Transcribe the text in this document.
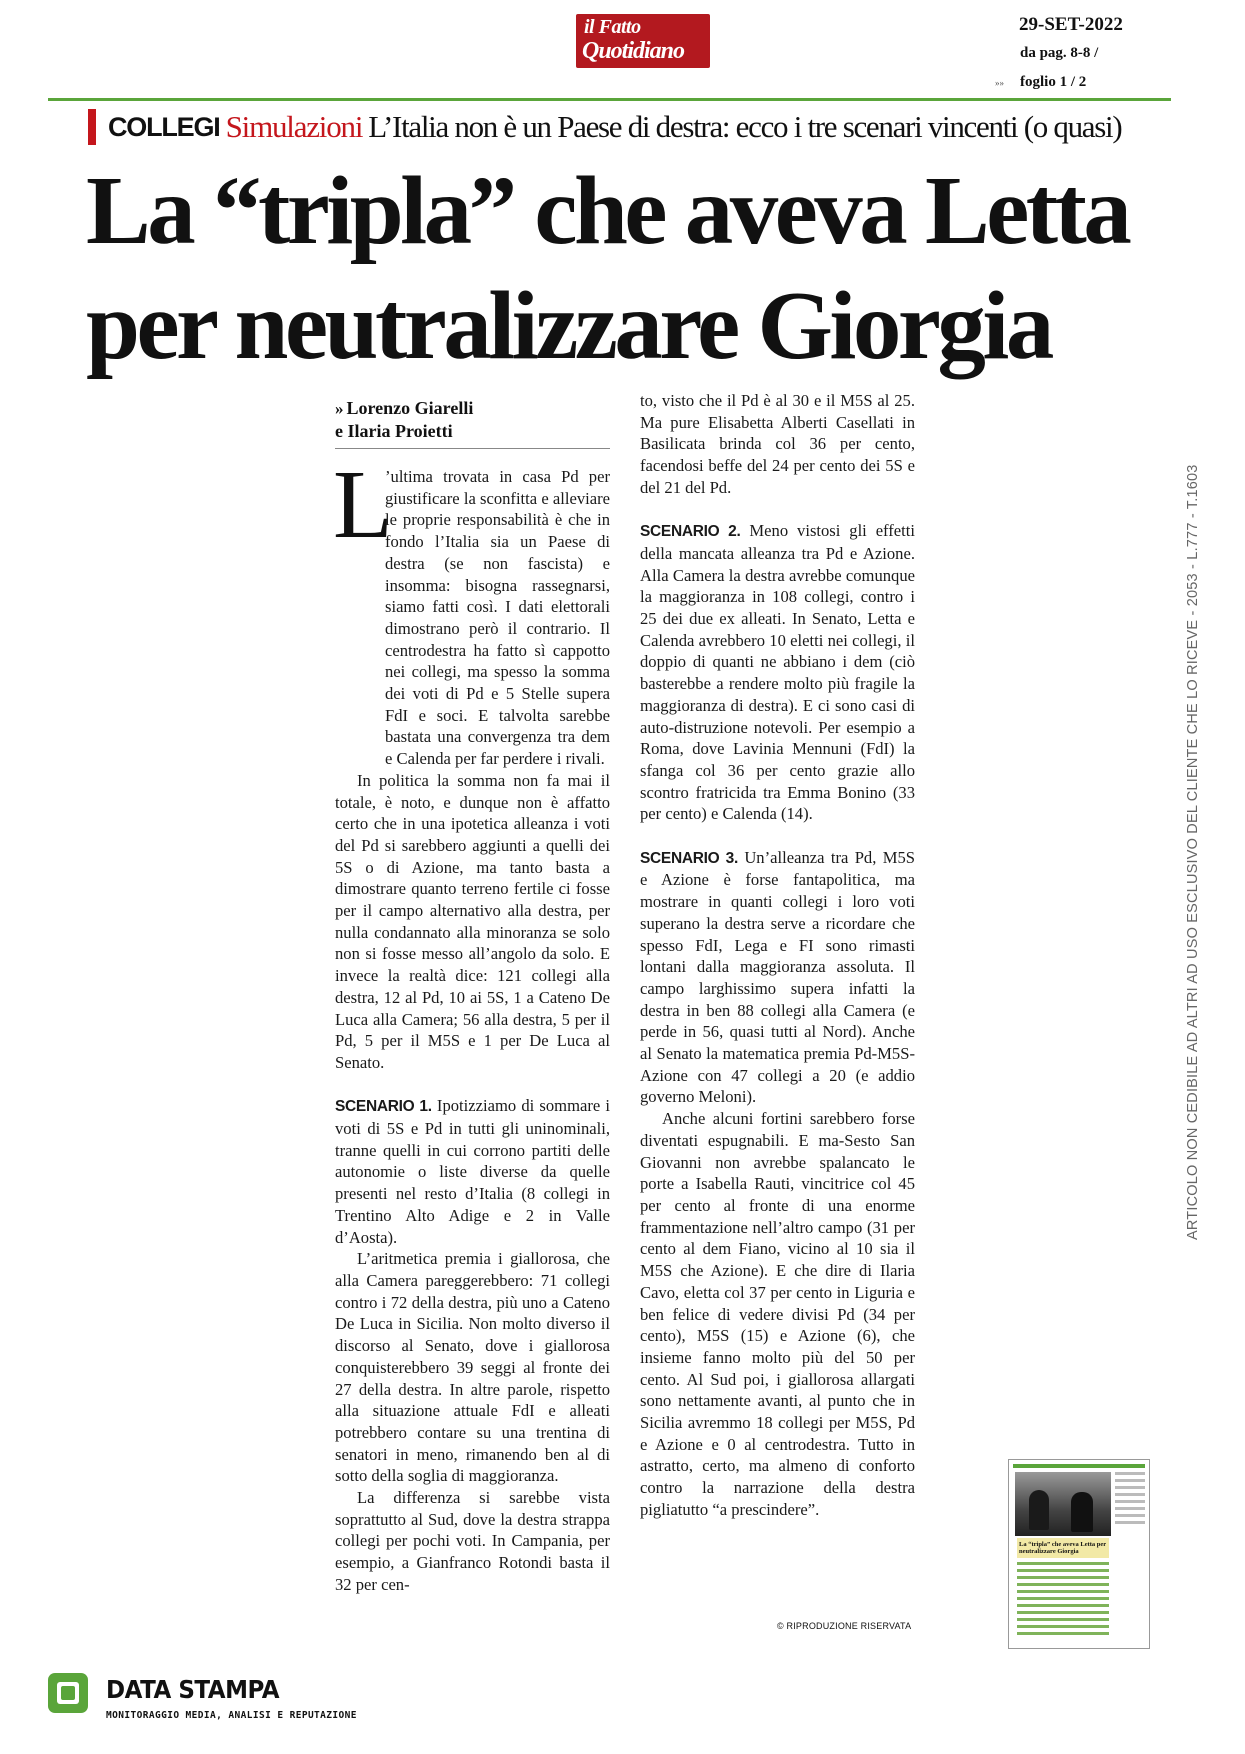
il Fatto
Quotidiano
29-SET-2022
da pag. 8-8 /
»» foglio 1 / 2
COLLEGI Simulazioni L’Italia non è un Paese di destra: ecco i tre scenari vincenti (o quasi)
La “tripla” che aveva Letta
per neutralizzare Giorgia
» Lorenzo Giarelli
e Ilaria Proietti
L

’ultima trovata in casa Pd per giustificare la sconfitta e alleviare le proprie responsabilità è che in fondo l’Italia sia un Paese di destra (se non fascista) e insomma: bisogna rassegnarsi, siamo fatti così. I dati elettorali dimostrano però il contrario. Il centrodestra ha fatto sì cappotto nei collegi, ma spesso la somma dei voti di Pd e 5 Stelle supera FdI e soci. E talvolta sarebbe bastata una convergenza tra dem e Calenda per far perdere i rivali.

In politica la somma non fa mai il totale, è noto, e dunque non è affatto certo che in una ipotetica alleanza i voti del Pd si sarebbero aggiunti a quelli dei 5S o di Azione, ma tanto basta a dimostrare quanto terreno fertile ci fosse per il campo alternativo alla destra, per nulla condannato alla minoranza se solo non si fosse messo all’angolo da solo. E invece la realtà dice: 121 collegi alla destra, 12 al Pd, 10 ai 5S, 1 a Cateno De Luca alla Camera; 56 alla destra, 5 per il Pd, 5 per il M5S e 1 per De Luca al Senato.

SCENARIO 1. Ipotizziamo di sommare i voti di 5S e Pd in tutti gli uninominali, tranne quelli in cui corrono partiti delle autonomie o liste diverse da quelle presenti nel resto d’Italia (8 collegi in Trentino Alto Adige e 2 in Valle d’Aosta).

L’aritmetica premia i giallorosa, che alla Camera pareggerebbero: 71 collegi contro i 72 della destra, più uno a Cateno De Luca in Sicilia. Non molto diverso il discorso al Senato, dove i giallorosa conquisterebbero 39 seggi al fronte dei 27 della destra. In altre parole, rispetto alla situazione attuale FdI e alleati potrebbero contare su una trentina di senatori in meno, rimanendo ben al di sotto della soglia di maggioranza.

La differenza si sarebbe vista soprattutto al Sud, dove la destra strappa collegi per pochi voti. In Campania, per esempio, a Gianfranco Rotondi basta il 32 per cen-

to, visto che il Pd è al 30 e il M5S al 25. Ma pure Elisabetta Alberti Casellati in Basilicata brinda col 36 per cento, facendosi beffe del 24 per cento dei 5S e del 21 del Pd.

SCENARIO 2. Meno vistosi gli effetti della mancata alleanza tra Pd e Azione. Alla Camera la destra avrebbe comunque la maggioranza in 108 collegi, contro i 25 dei due ex alleati. In Senato, Letta e Calenda avrebbero 10 eletti nei collegi, il doppio di quanti ne abbiano i dem (ciò basterebbe a rendere molto più fragile la maggioranza di destra). E ci sono casi di auto-distruzione notevoli. Per esempio a Roma, dove Lavinia Mennuni (FdI) la sfanga col 36 per cento grazie allo scontro fratricida tra Emma Bonino (33 per cento) e Calenda (14).

SCENARIO 3. Un’alleanza tra Pd, M5S e Azione è forse fantapolitica, ma mostrare in quanti collegi i loro voti superano la destra serve a ricordare che spesso FdI, Lega e FI sono rimasti lontani dalla maggioranza assoluta. Il campo larghissimo supera infatti la destra in ben 88 collegi alla Camera (e perde in 56, quasi tutti al Nord). Anche al Senato la matematica premia Pd-M5S-Azione con 47 collegi a 20 (e addio governo Meloni).

Anche alcuni fortini sarebbero forse diventati espugnabili. E ma-Sesto San Giovanni non avrebbe spalancato le porte a Isabella Rauti, vincitrice col 45 per cento al fronte di una enorme frammentazione nell’altro campo (31 per cento al dem Fiano, vicino al 10 sia il M5S che Azione). E che dire di Ilaria Cavo, eletta col 37 per cento in Liguria e ben felice di vedere divisi Pd (34 per cento), M5S (15) e Azione (6), che insieme fanno molto più del 50 per cento. Al Sud poi, i giallorosa allargati sono nettamente avanti, al punto che in Sicilia avremmo 18 collegi per M5S, Pd e Azione e 0 al centrodestra. Tutto in astratto, certo, ma almeno di conforto contro la narrazione della destra pigliatutto “a prescindere”.

© RIPRODUZIONE RISERVATA
ARTICOLO NON CEDIBILE AD ALTRI AD USO ESCLUSIVO DEL CLIENTE CHE LO RICEVE - 2053 - L.777 - T.1603
La “tripla” che aveva Letta per neutralizzare Giorgia
DATA STAMPA
MONITORAGGIO MEDIA, ANALISI E REPUTAZIONE
